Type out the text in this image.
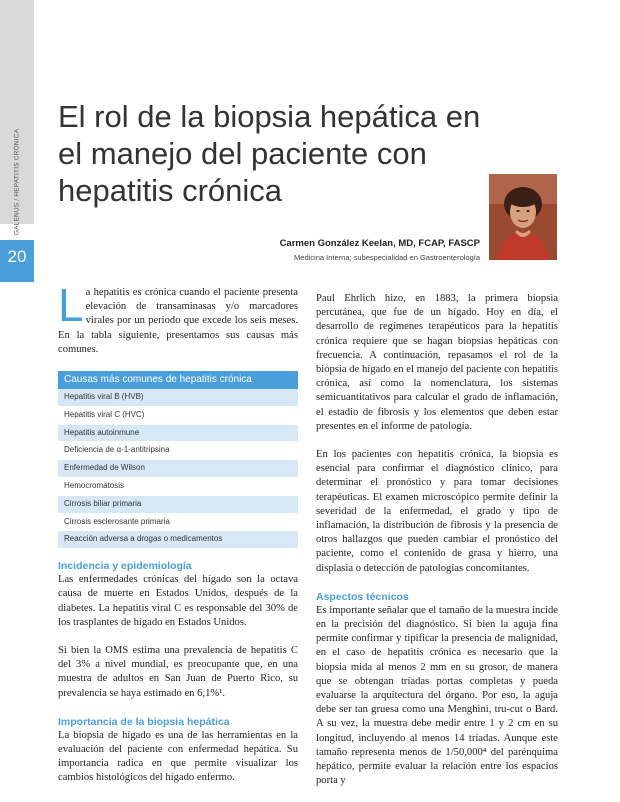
GALENUS / HEPATITIS CRÓNICA
20
El rol de la biopsia hepática en el manejo del paciente con hepatitis crónica
Carmen González Keelan, MD, FCAP, FASCP
Medicina Interna; subespecialidad en Gastroenterología

La hepatitis es crónica cuando el paciente presenta elevación de transaminasas y/o marcadores virales por un periodo que excede los seis meses. En la tabla siguiente, presentamos sus causas más comunes.

Causas más comunes de hepatitis crónica
Hepatitis viral B (HVB)
Hepatitis viral C (HVC)
Hepatitis autoinmune
Deficiencia de α-1-antitripsina
Enfermedad de Wilson
Hemocromatosis
Cirrosis biliar primaria
Cirrosis esclerosante primaria
Reacción adversa a drogas o medicamentos
Incidencia y epidemiología

Las enfermedades crónicas del hígado son la octava causa de muerte en Estados Unidos, después de la diabetes. La hepatitis viral C es responsable del 30% de los trasplantes de hígado en Estados Unidos.

Si bien la OMS estima una prevalencia de hepatitis C del 3% a nivel mundial, es preocupante que, en una muestra de adultos en San Juan de Puerto Rico, su prevalencia se haya estimado en 6,1%¹.

Importancia de la biopsia hepática

La biopsia de hígado es una de las herramientas en la evaluación del paciente con enfermedad hepática. Su importancia radica en que permite visualizar los cambios histológicos del hígado enfermo.

Paul Ehrlich hizo, en 1883, la primera biopsia percutánea, que fue de un hígado. Hoy en día, el desarrollo de regímenes terapéuticos para la hepatitis crónica requiere que se hagan biopsias hepáticas con frecuencia. A continuación, repasamos el rol de la biopsia de hígado en el manejo del paciente con hepatitis crónica, así como la nomenclatura, los sistemas semicuantitativos para calcular el grado de inflamación, el estadio de fibrosis y los elementos que deben estar presentes en el informe de patología.

En los pacientes con hepatitis crónica, la biopsia es esencial para confirmar el diagnóstico clínico, para determinar el pronóstico y para tomar decisiones terapéuticas. El examen microscópico permite definir la severidad de la enfermedad, el grado y tipo de inflamación, la distribución de fibrosis y la presencia de otros hallazgos que pueden cambiar el pronóstico del paciente, como el contenido de grasa y hierro, una displasia o detección de patologías concomitantes.

Aspectos técnicos

Es importante señalar que el tamaño de la muestra incide en la precisión del diagnóstico. Si bien la aguja fina permite confirmar y tipificar la presencia de malignidad, en el caso de hepatitis crónica es necesario que la biopsia mida al menos 2 mm en su grosor, de manera que se obtengan tríadas portas completas y pueda evaluarse la arquitectura del órgano. Por eso, la aguja debe ser tan gruesa como una Menghini, tru-cut o Bard. A su vez, la muestra debe medir entre 1 y 2 cm en su longitud, incluyendo al menos 14 tríadas. Aunque este tamaño representa menos de 1/50,000⁴ del parénquima hepático, permite evaluar la relación entre los espacios porta y
